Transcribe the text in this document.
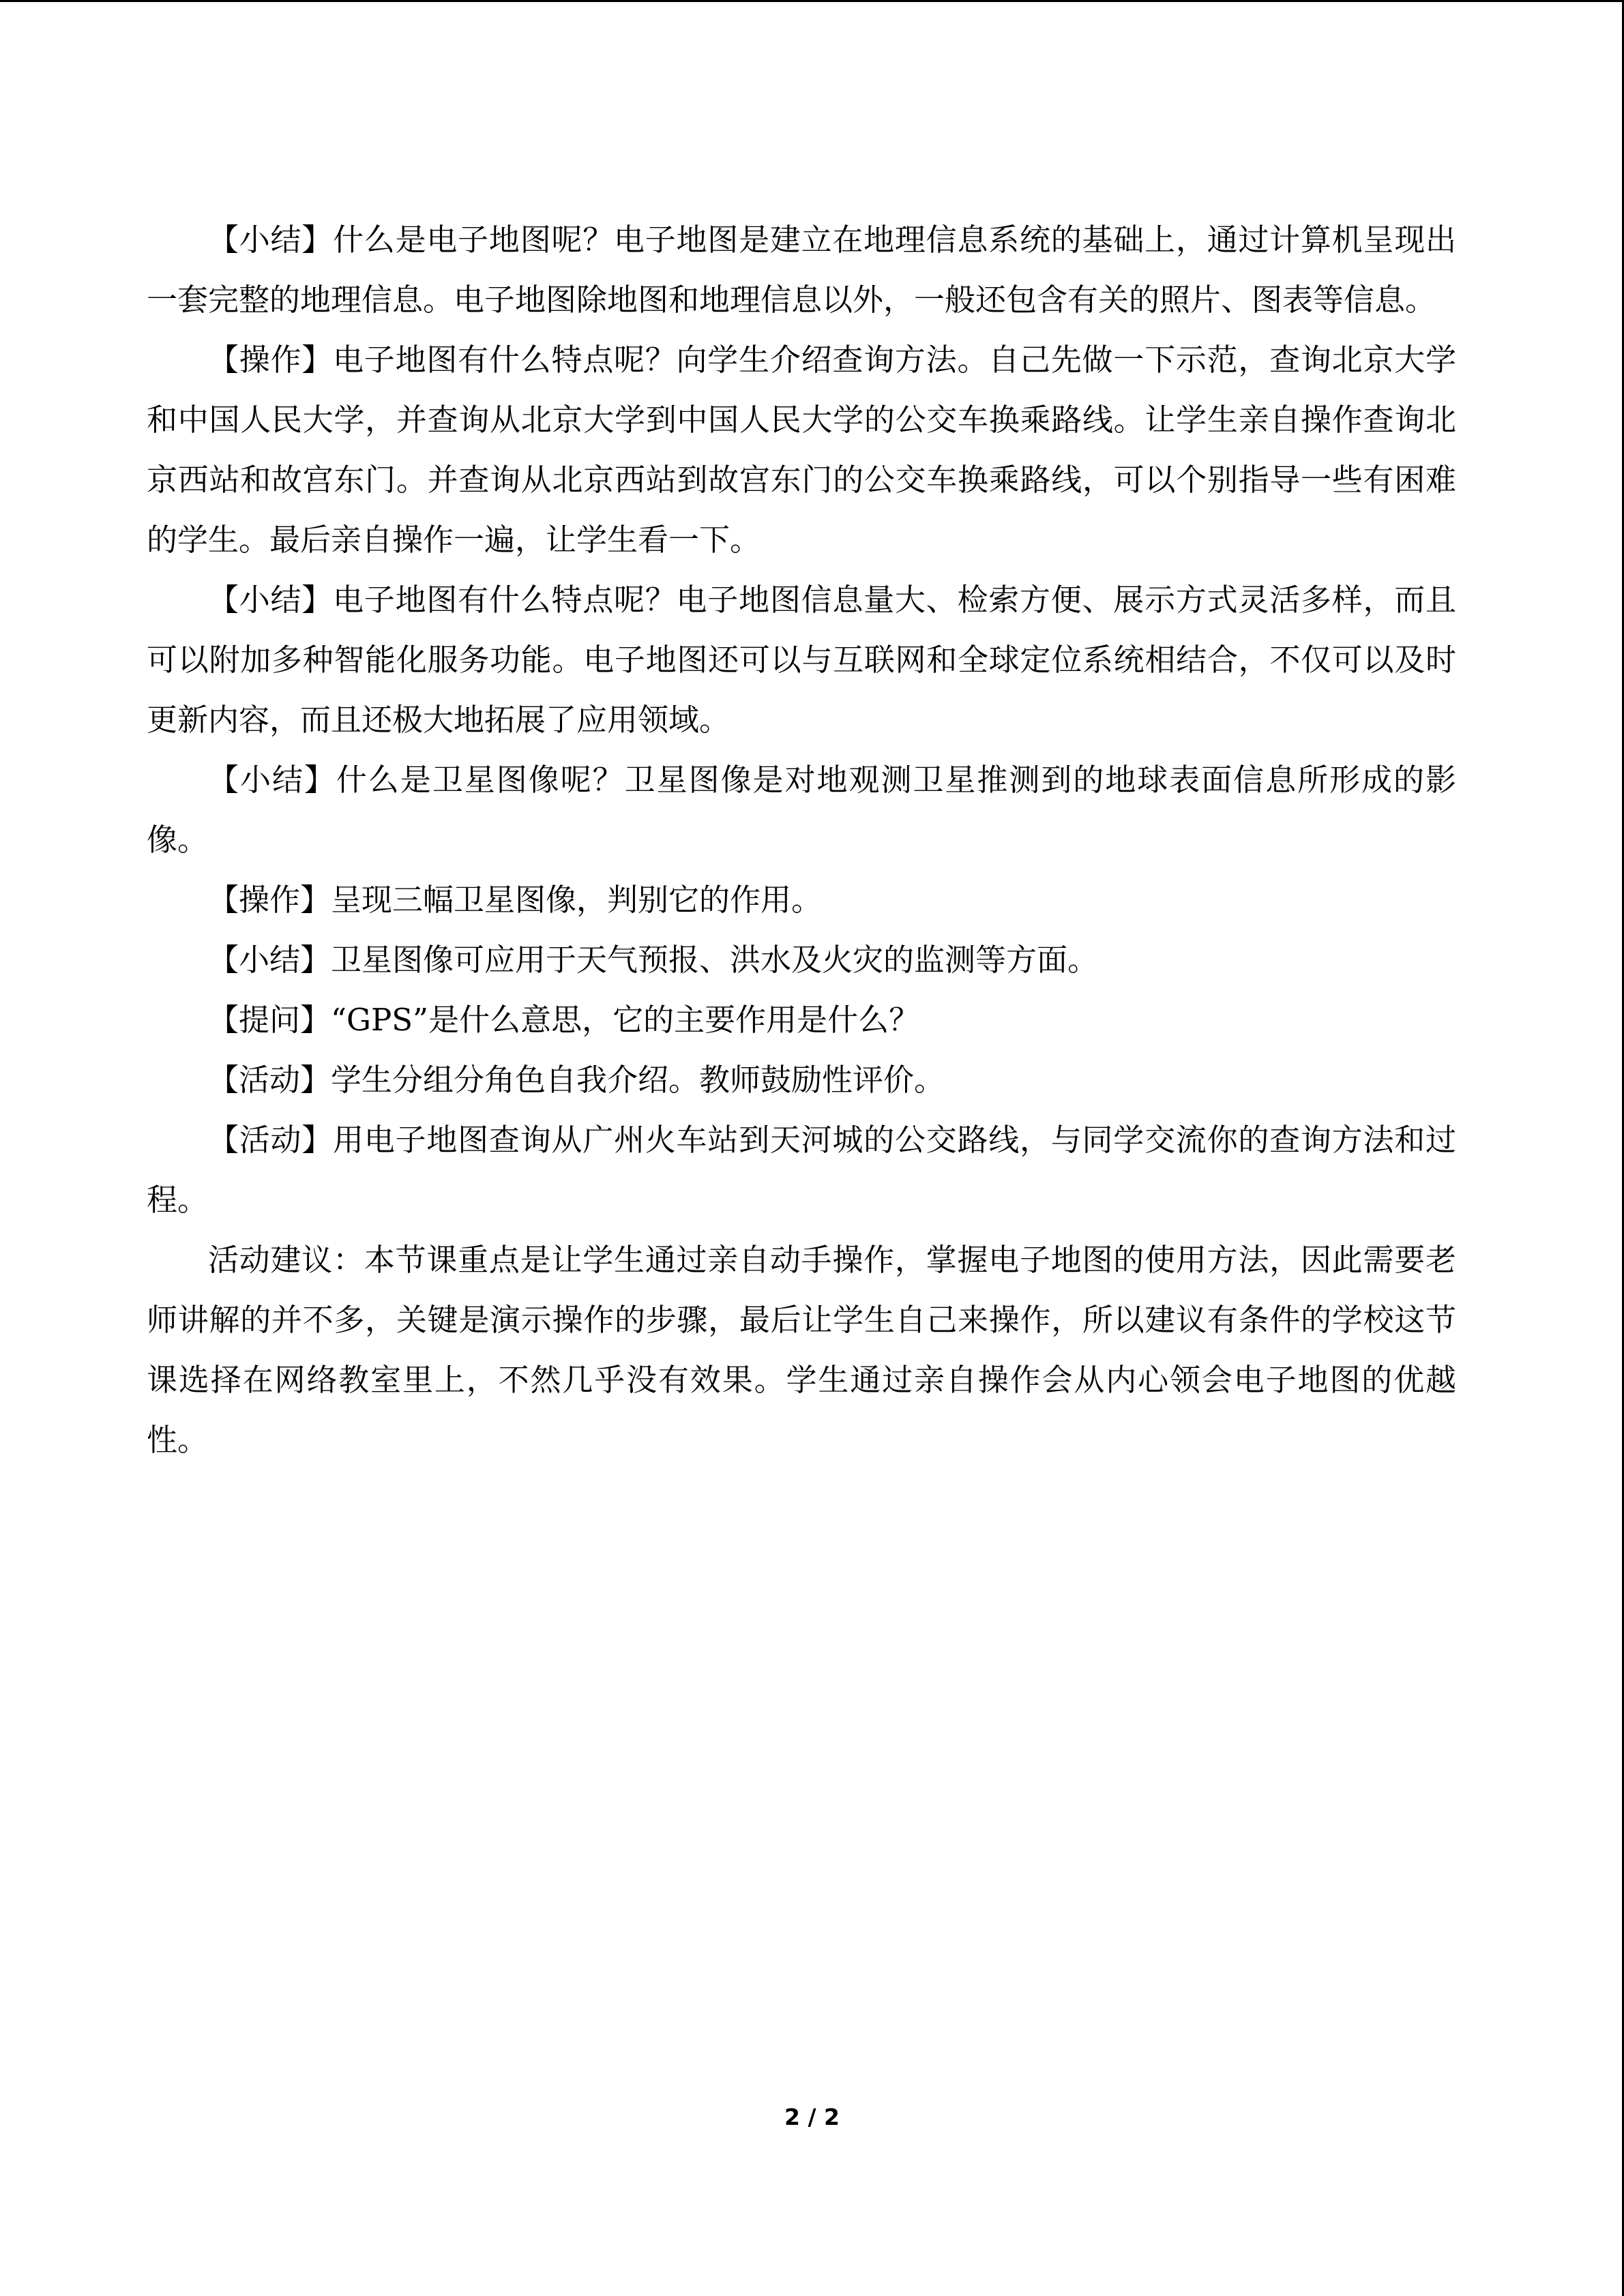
【小结】什么是电子地图呢？电子地图是建立在地理信息系统的基础上，通过计算机呈现出一套完整的地理信息。电子地图除地图和地理信息以外，一般还包含有关的照片、图表等信息。

【操作】电子地图有什么特点呢？向学生介绍查询方法。自己先做一下示范，查询北京大学和中国人民大学，并查询从北京大学到中国人民大学的公交车换乘路线。让学生亲自操作查询北京西站和故宫东门。并查询从北京西站到故宫东门的公交车换乘路线，可以个别指导一些有困难的学生。最后亲自操作一遍，让学生看一下。

【小结】电子地图有什么特点呢？电子地图信息量大、检索方便、展示方式灵活多样，而且可以附加多种智能化服务功能。电子地图还可以与互联网和全球定位系统相结合，不仅可以及时更新内容，而且还极大地拓展了应用领域。

【小结】什么是卫星图像呢？卫星图像是对地观测卫星推测到的地球表面信息所形成的影像。

【操作】呈现三幅卫星图像，判别它的作用。

【小结】卫星图像可应用于天气预报、洪水及火灾的监测等方面。

【提问】“GPS”是什么意思，它的主要作用是什么？

【活动】学生分组分角色自我介绍。教师鼓励性评价。

【活动】用电子地图查询从广州火车站到天河城的公交路线，与同学交流你的查询方法和过程。

活动建议：本节课重点是让学生通过亲自动手操作，掌握电子地图的使用方法，因此需要老师讲解的并不多，关键是演示操作的步骤，最后让学生自己来操作，所以建议有条件的学校这节课选择在网络教室里上，不然几乎没有效果。学生通过亲自操作会从内心领会电子地图的优越性。

2 / 2
